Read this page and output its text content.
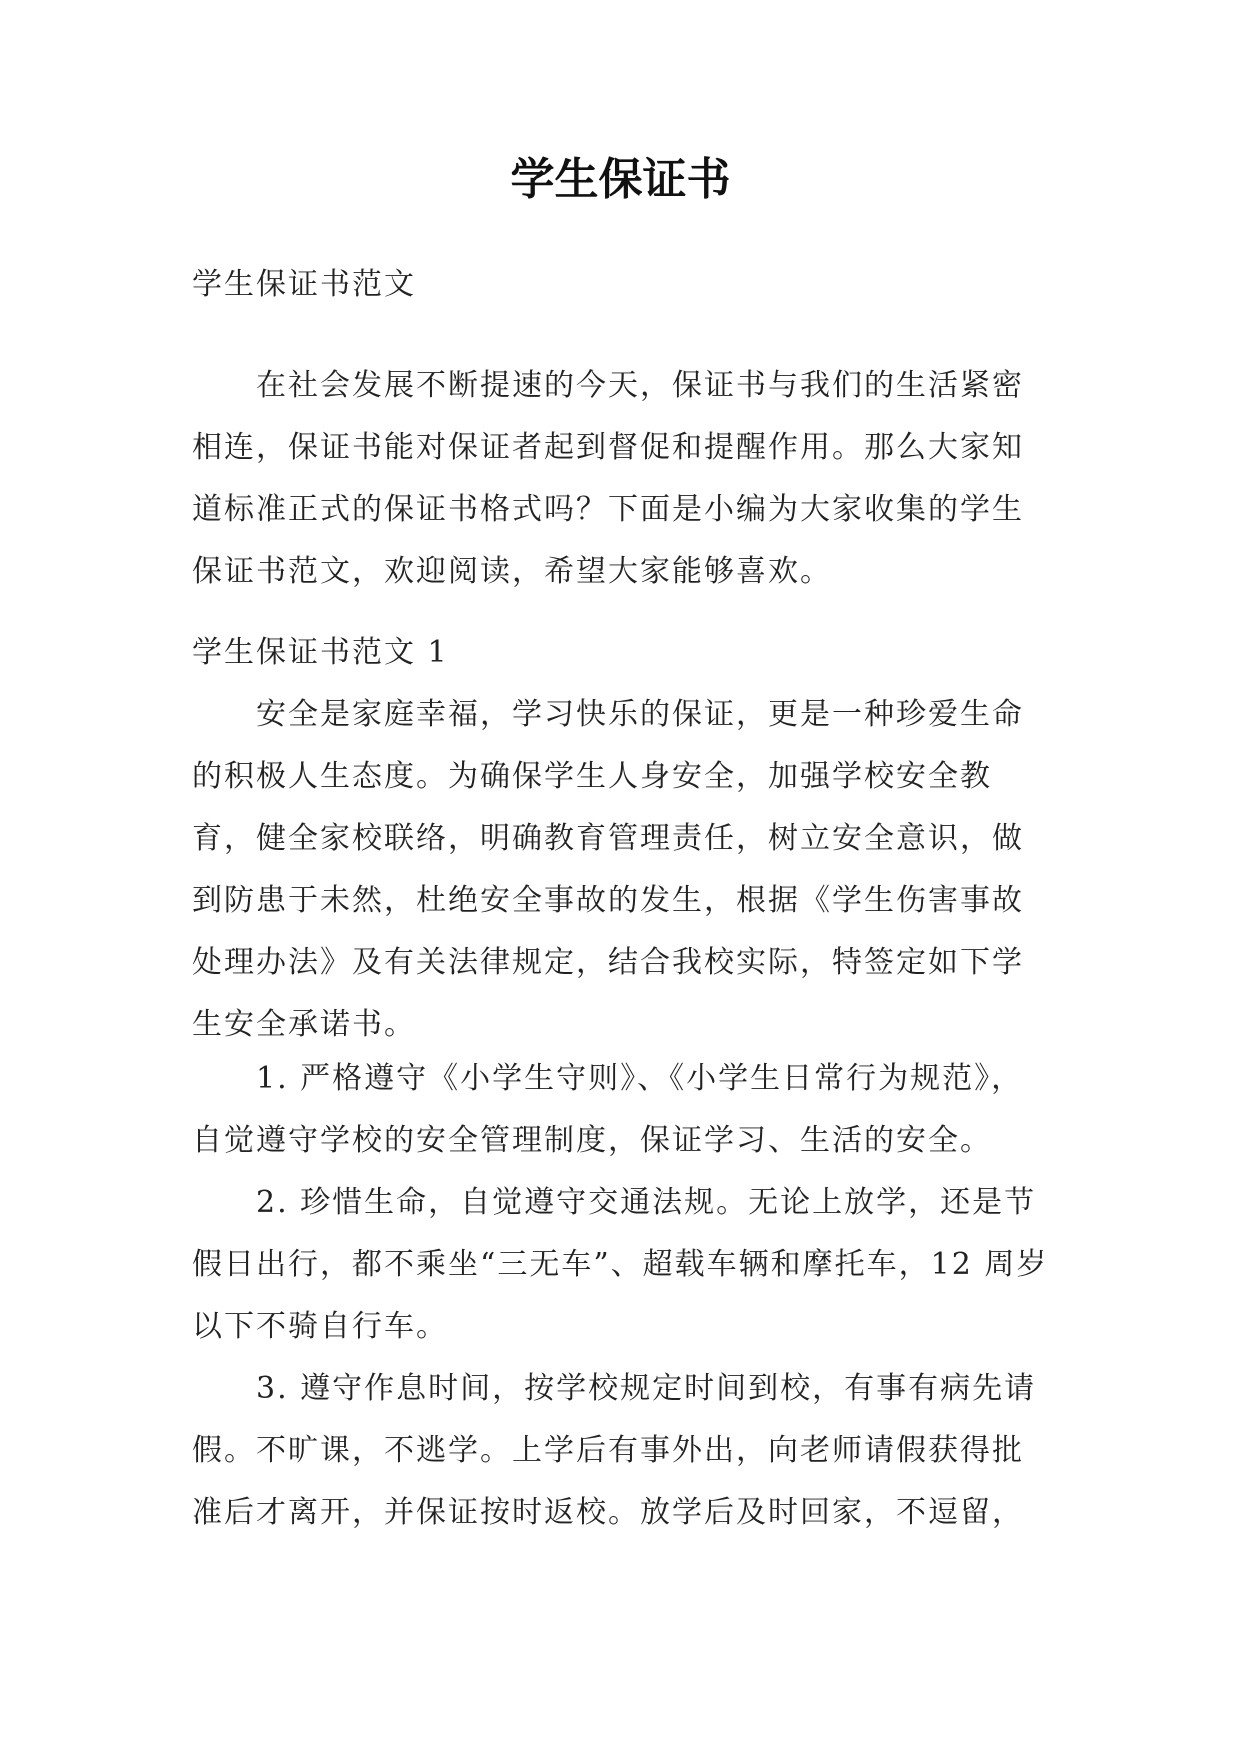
学生保证书

学生保证书范文

在社会发展不断提速的今天，保证书与我们的生活紧密相连，保证书能对保证者起到督促和提醒作用。那么大家知道标准正式的保证书格式吗？下面是小编为大家收集的学生保证书范文，欢迎阅读，希望大家能够喜欢。

学生保证书范文 1

安全是家庭幸福，学习快乐的保证，更是一种珍爱生命的积极人生态度。为确保学生人身安全，加强学校安全教育，健全家校联络，明确教育管理责任，树立安全意识，做到防患于未然，杜绝安全事故的发生，根据《学生伤害事故处理办法》及有关法律规定，结合我校实际，特签定如下学生安全承诺书。

1. 严格遵守《小学生守则》、《小学生日常行为规范》，自觉遵守学校的安全管理制度，保证学习、生活的安全。

2. 珍惜生命，自觉遵守交通法规。无论上放学，还是节假日出行，都不乘坐“三无车”、超载车辆和摩托车，12 周岁以下不骑自行车。

3. 遵守作息时间，按学校规定时间到校，有事有病先请假。不旷课，不逃学。上学后有事外出，向老师请假获得批准后才离开，并保证按时返校。放学后及时回家，不逗留，
